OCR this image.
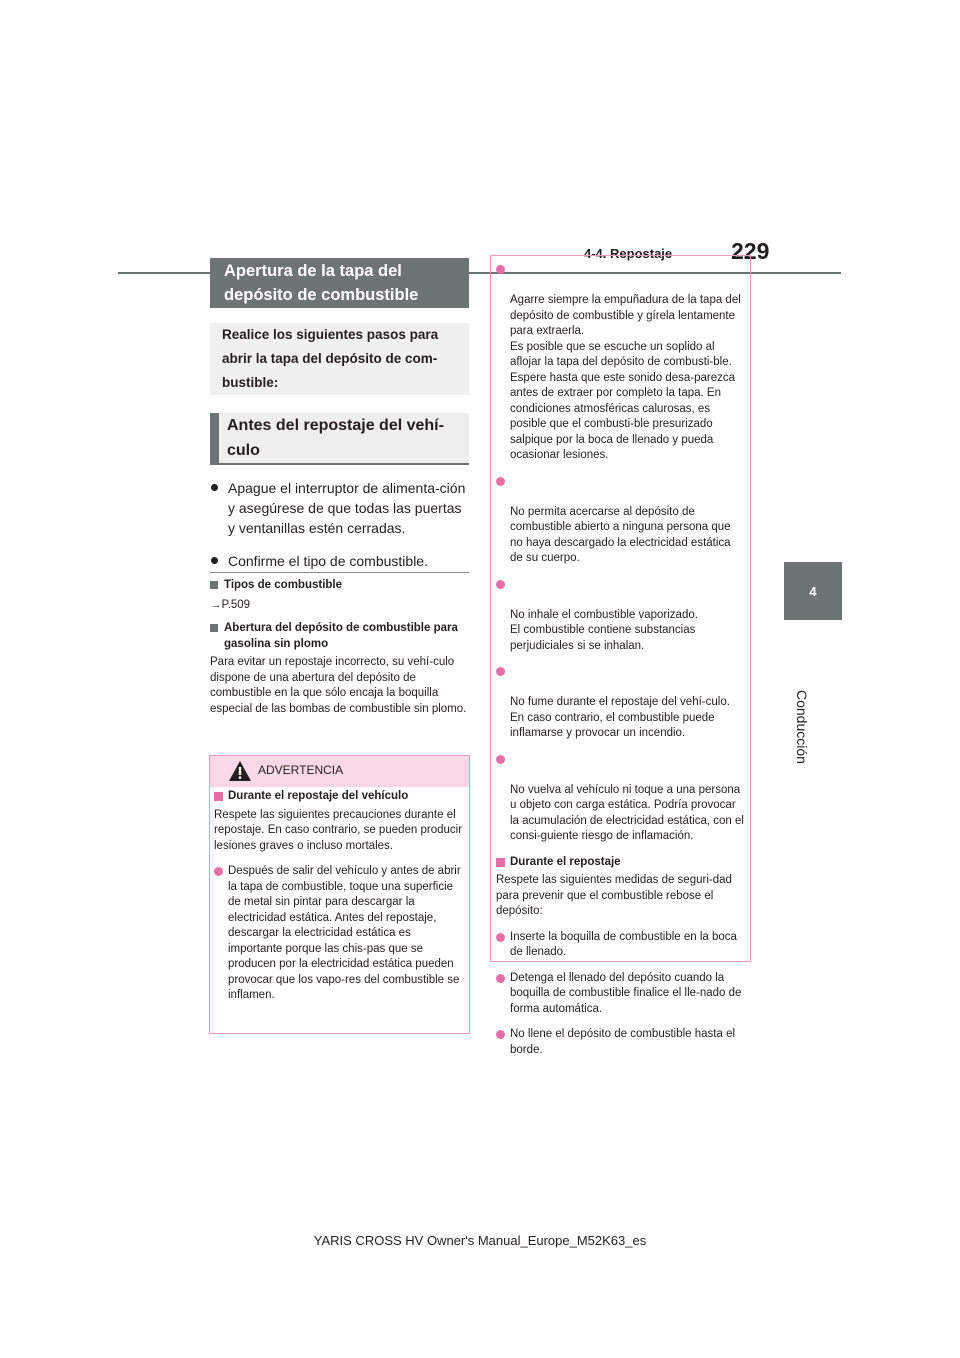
4-4. Repostaje	229
4
Conducción
Apertura de la tapa del depósito de combustible
Realice los siguientes pasos para abrir la tapa del depósito de com-bustible:
Antes del repostaje del vehí-culo
Apague el interruptor de alimenta-ción y asegúrese de que todas las puertas y ventanillas estén cerradas.
Confirme el tipo de combustible.
Tipos de combustible
→P.509
Abertura del depósito de combustible para gasolina sin plomo
Para evitar un repostaje incorrecto, su vehí-culo dispone de una abertura del depósito de combustible en la que sólo encaja la boquilla especial de las bombas de combustible sin plomo.
ADVERTENCIA
Durante el repostaje del vehículo
Respete las siguientes precauciones durante el repostaje. En caso contrario, se pueden producir lesiones graves o incluso mortales.
Después de salir del vehículo y antes de abrir la tapa de combustible, toque una superficie de metal sin pintar para descargar la electricidad estática. Antes del repostaje, descargar la electricidad estática es importante porque las chis-pas que se producen por la electricidad estática pueden provocar que los vapo-res del combustible se inflamen.

Agarre siempre la empuñadura de la tapa del depósito de combustible y gírela lentamente para extraerla.
Es posible que se escuche un soplido al aflojar la tapa del depósito de combusti-ble. Espere hasta que este sonido desa-parezca antes de extraer por completo la tapa. En condiciones atmosféricas calurosas, es posible que el combusti-ble presurizado salpique por la boca de llenado y pueda ocasionar lesiones.

No permita acercarse al depósito de combustible abierto a ninguna persona que no haya descargado la electricidad estática de su cuerpo.

No inhale el combustible vaporizado.
El combustible contiene substancias perjudiciales si se inhalan.

No fume durante el repostaje del vehí-culo.
En caso contrario, el combustible puede inflamarse y provocar un incendio.

No vuelva al vehículo ni toque a una persona u objeto con carga estática. Podría provocar la acumulación de electricidad estática, con el consi-guiente riesgo de inflamación.

Durante el repostaje
Respete las siguientes medidas de seguri-dad para prevenir que el combustible rebose el depósito:
Inserte la boquilla de combustible en la boca de llenado.
Detenga el llenado del depósito cuando la boquilla de combustible finalice el lle-nado de forma automática.
No llene el depósito de combustible hasta el borde.
YARIS CROSS HV Owner's Manual_Europe_M52K63_es
